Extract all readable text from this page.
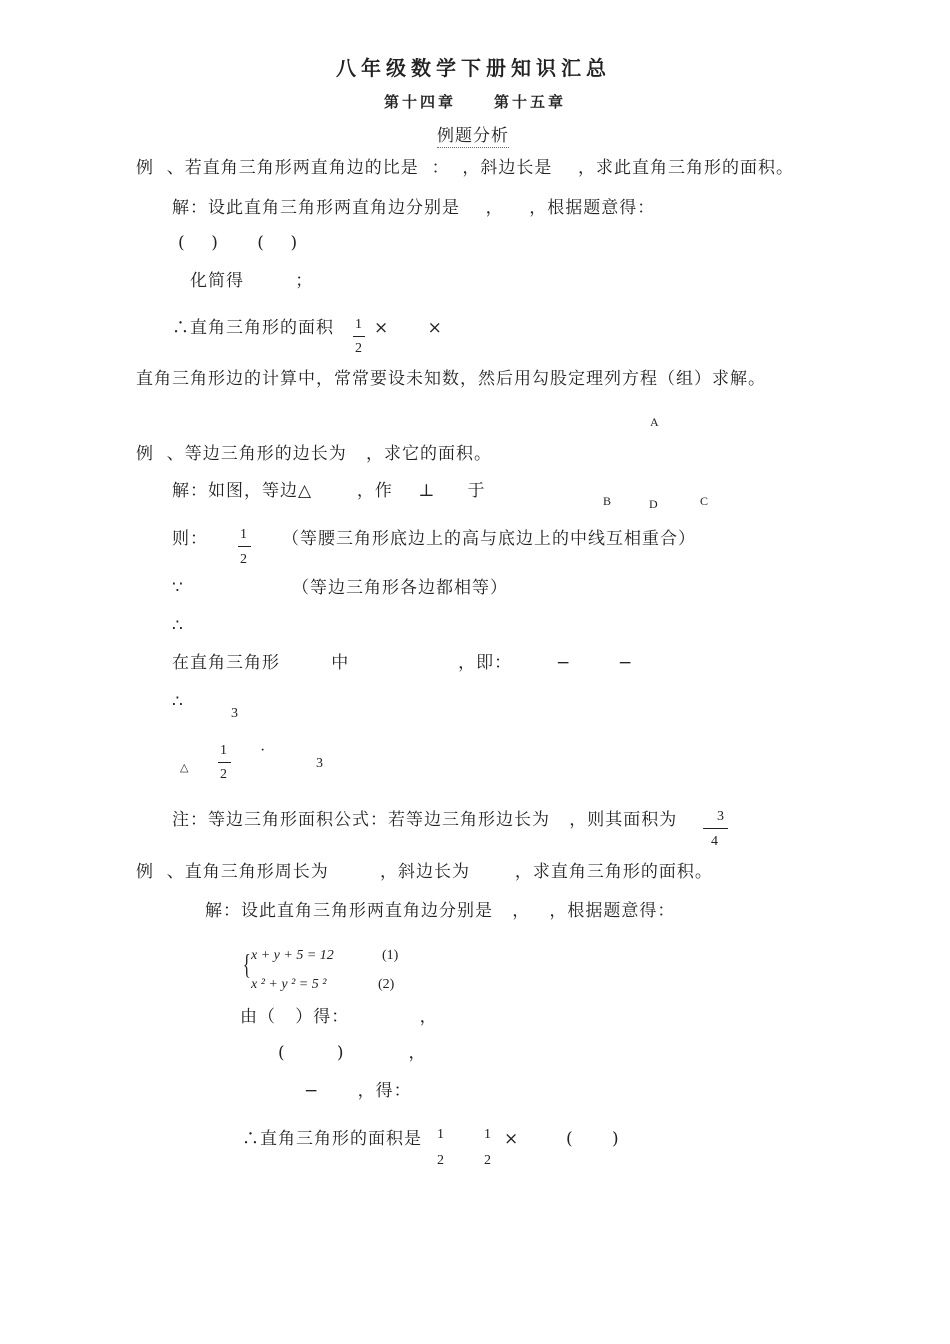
八年级数学下册知识汇总
第十四章	第十五章
例题分析
例  、若直角三角形两直角边的比是  ：  ，斜边长是    ，求此直角三角形的面积。
解：设此直角三角形两直角边分别是    ，    ，根据题意得：
(    )      (    )
化简得        ；
∴直角三角形的面积 1
2
×      ×
直角三角形边的计算中，常常要设未知数，然后用勾股定理列方程（组）求解。
A
B	D	C
例  、等边三角形的边长为   ，求它的面积。
解：如图，等边△       ，作    ⊥     于
则： 1
2
（等腰三角形底边上的高与底边上的中线互相重合）
∵	（等边三角形各边都相等）
∴
在直角三角形        中                 ，即：	−	−
∴
3
△
1
2
·
3
注：等边三角形面积公式：若等边三角形边长为   ，则其面积为	3
4
例  、直角三角形周长为        ，斜边长为       ，求直角三角形的面积。
解：设此直角三角形两直角边分别是   ，   ，根据题意得：
{ x + y + 5 = 12	(1)
x ² + y ² = 5 ²	(2)
由（   ）得：           ，
(        )          ，
−      ，得：
∴直角三角形的面积是 1
2
1
2
×	(      )
